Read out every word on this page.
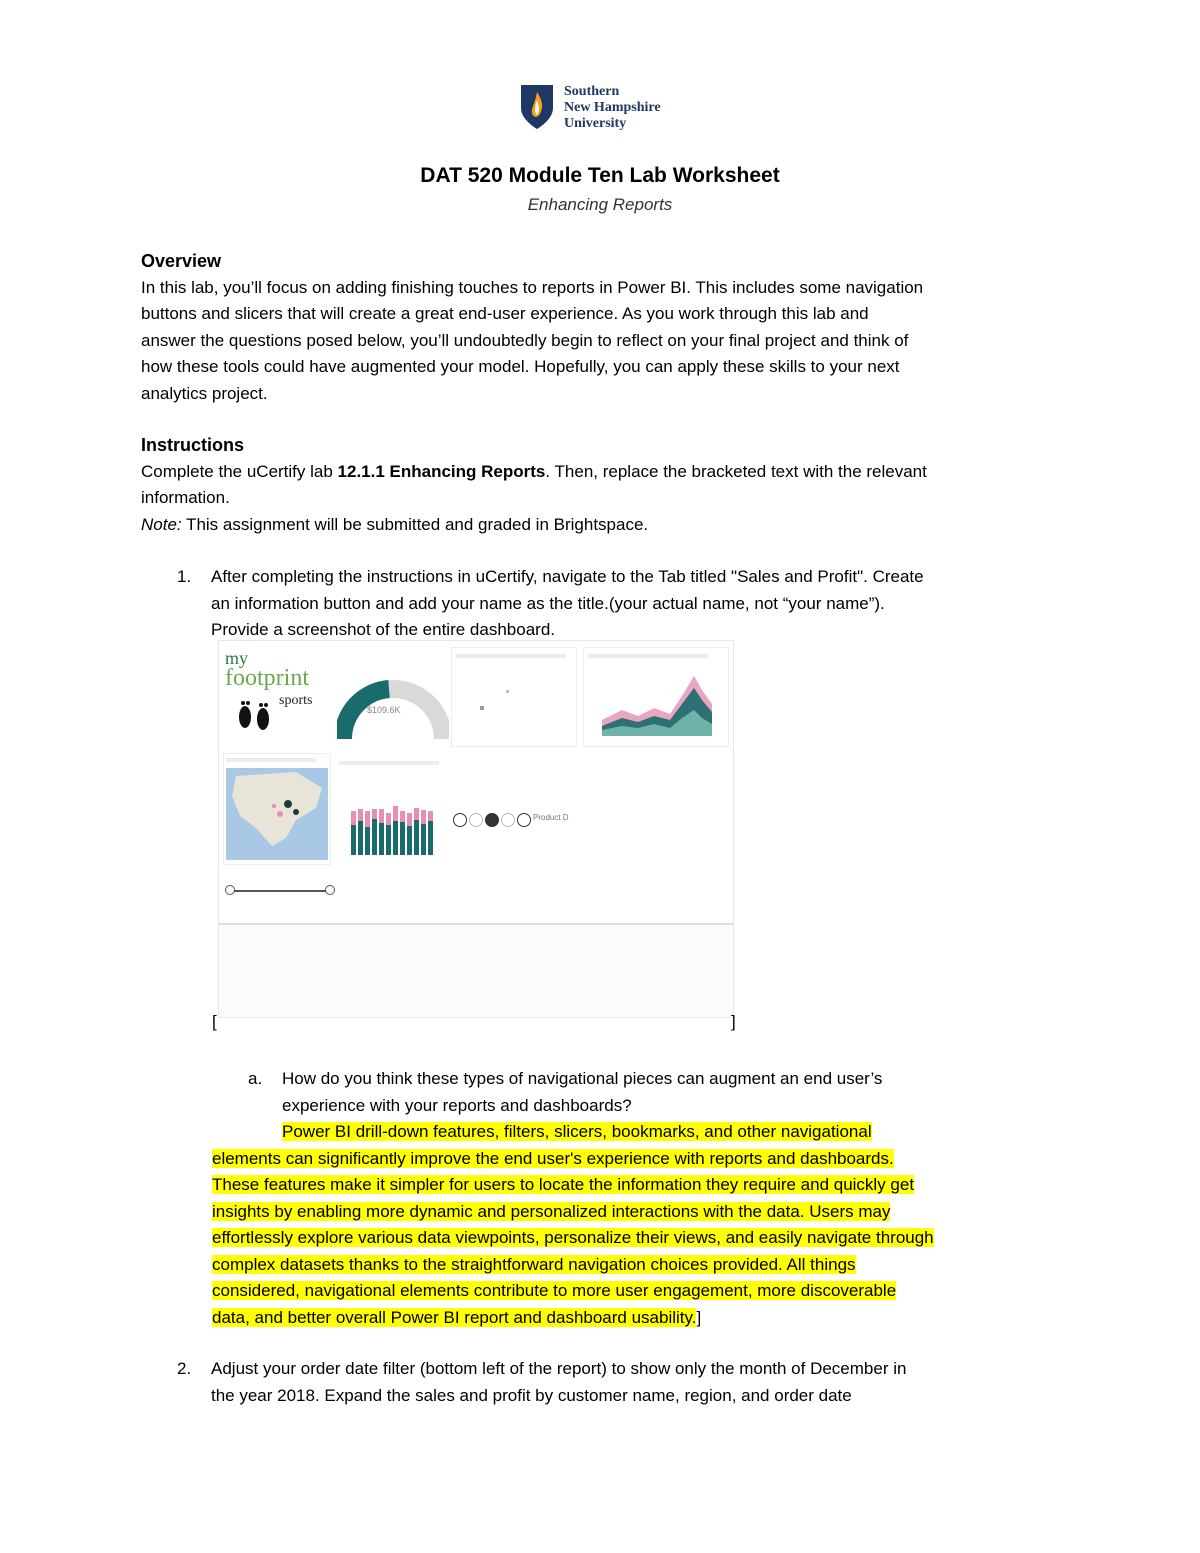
Southern
New Hampshire
University
DAT 520 Module Ten Lab Worksheet
Enhancing Reports
Overview
In this lab, you’ll focus on adding finishing touches to reports in Power BI. This includes some navigation
buttons and slicers that will create a great end-user experience. As you work through this lab and
answer the questions posed below, you’ll undoubtedly begin to reflect on your final project and think of
how these tools could have augmented your model. Hopefully, you can apply these skills to your next
analytics project.
Instructions
Complete the uCertify lab 12.1.1 Enhancing Reports. Then, replace the bracketed text with the relevant
information.
Note: This assignment will be submitted and graded in Brightspace.
1. After completing the instructions in uCertify, navigate to the Tab titled "Sales and Profit". Create
an information button and add your name as the title.(your actual name, not “your name”).
Provide a screenshot of the entire dashboard.
my
footprint
sports
$109.6K
Product D
[	]
a. How do you think these types of navigational pieces can augment an end user’s
experience with your reports and dashboards?
Power BI drill-down features, filters, slicers, bookmarks, and other navigational
elements can significantly improve the end user's experience with reports and dashboards.
These features make it simpler for users to locate the information they require and quickly get
insights by enabling more dynamic and personalized interactions with the data. Users may
effortlessly explore various data viewpoints, personalize their views, and easily navigate through
complex datasets thanks to the straightforward navigation choices provided. All things
considered, navigational elements contribute to more user engagement, more discoverable
data, and better overall Power BI report and dashboard usability.]
2. Adjust your order date filter (bottom left of the report) to show only the month of December in
the year 2018. Expand the sales and profit by customer name, region, and order date
